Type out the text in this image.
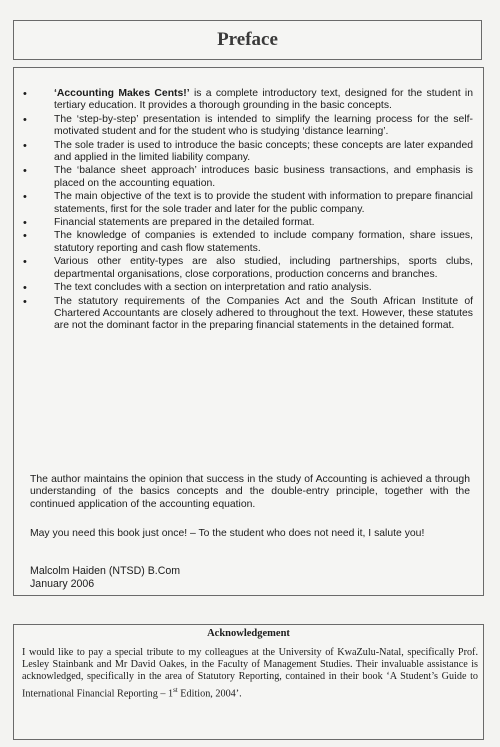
Preface
•	‘Accounting Makes Cents!’ is a complete introductory text, designed for the student in tertiary education. It provides a thorough grounding in the basic concepts.
•	The ‘step-by-step’ presentation is intended to simplify the learning process for the self-motivated student and for the student who is studying ‘distance learning’.
•	The sole trader is used to introduce the basic concepts; these concepts are later expanded and applied in the limited liability company.
•	The ‘balance sheet approach’ introduces basic business transactions, and emphasis is placed on the accounting equation.
•	The main objective of the text is to provide the student with information to prepare financial statements, first for the sole trader and later for the public company.
•	Financial statements are prepared in the detailed format.
•	The knowledge of companies is extended to include company formation, share issues, statutory reporting and cash flow statements.
•	Various other entity-types are also studied, including partnerships, sports clubs, departmental organisations, close corporations, production concerns and branches.
•	The text concludes with a section on interpretation and ratio analysis.
•	The statutory requirements of the Companies Act and the South African Institute of Chartered Accountants are closely adhered to throughout the text. However, these statutes are not the dominant factor in the preparing financial statements in the detained format.
The author maintains the opinion that success in the study of Accounting is achieved a through understanding of the basics concepts and the double-entry principle, together with the continued application of the accounting equation.
May you need this book just once! – To the student who does not need it, I salute you!
Malcolm Haiden (NTSD) B.Com
January 2006
Acknowledgement
I would like to pay a special tribute to my colleagues at the University of KwaZulu-Natal, specifically Prof. Lesley Stainbank and Mr David Oakes, in the Faculty of Management Studies. Their invaluable assistance is acknowledged, specifically in the area of Statutory Reporting, contained in their book ‘A Student’s Guide to International Financial Reporting – 1st Edition, 2004’.
